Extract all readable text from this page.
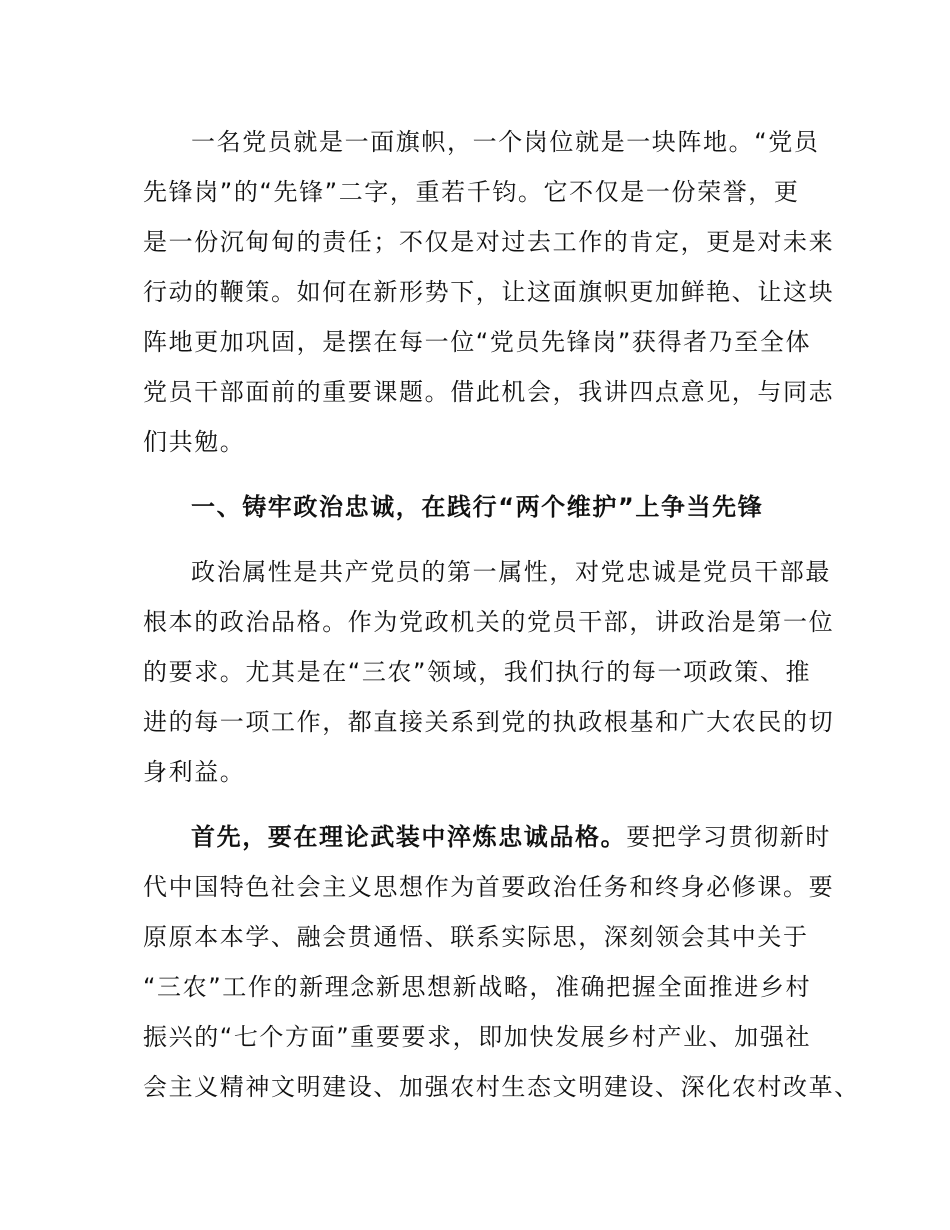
一名党员就是一面旗帜，一个岗位就是一块阵地。“党员

先锋岗”的“先锋”二字，重若千钧。它不仅是一份荣誉，更

是一份沉甸甸的责任；不仅是对过去工作的肯定，更是对未来

行动的鞭策。如何在新形势下，让这面旗帜更加鲜艳、让这块

阵地更加巩固，是摆在每一位“党员先锋岗”获得者乃至全体

党员干部面前的重要课题。借此机会，我讲四点意见，与同志

们共勉。

一、铸牢政治忠诚，在践行“两个维护”上争当先锋

政治属性是共产党员的第一属性，对党忠诚是党员干部最

根本的政治品格。作为党政机关的党员干部，讲政治是第一位

的要求。尤其是在“三农”领域，我们执行的每一项政策、推

进的每一项工作，都直接关系到党的执政根基和广大农民的切

身利益。

首先，要在理论武装中淬炼忠诚品格。要把学习贯彻新时

代中国特色社会主义思想作为首要政治任务和终身必修课。要

原原本本学、融会贯通悟、联系实际思，深刻领会其中关于

“三农”工作的新理念新思想新战略，准确把握全面推进乡村

振兴的“七个方面”重要要求，即加快发展乡村产业、加强社

会主义精神文明建设、加强农村生态文明建设、深化农村改革、
